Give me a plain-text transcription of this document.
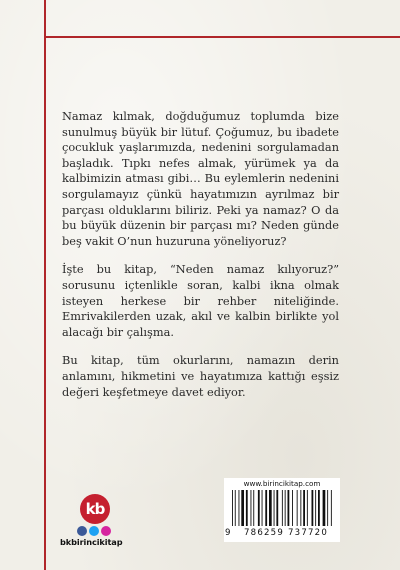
Namaz kılmak, doğduğumuz toplumda bize sunulmuş büyük bir lütuf. Çoğumuz, bu ibadete çocukluk yaşlarımızda, nedenini sorgulamadan başladık. Tıpkı nefes almak, yürümek ya da kalbimizin atması gibi… Bu eylemlerin nedenini sorgulamayız çünkü hayatımızın ayrılmaz bir parçası olduklarını biliriz. Peki ya namaz? O da bu büyük düzenin bir parçası mı? Neden günde beş vakit O’nun huzuruna yöneliyoruz?

İşte bu kitap, “Neden namaz kılıyoruz?” sorusunu içtenlikle soran, kalbi ikna olmak isteyen herkese bir rehber niteliğinde. Emrivakilerden uzak, akıl ve kalbin birlikte yol alacağı bir çalışma.

Bu kitap, tüm okurlarını, namazın derin anlamını, hikmetini ve hayatımıza kattığı eşsiz değeri keşfetmeye davet ediyor.

kb
bkbirincikitap
www.birincikitap.com
9 786259 737720
